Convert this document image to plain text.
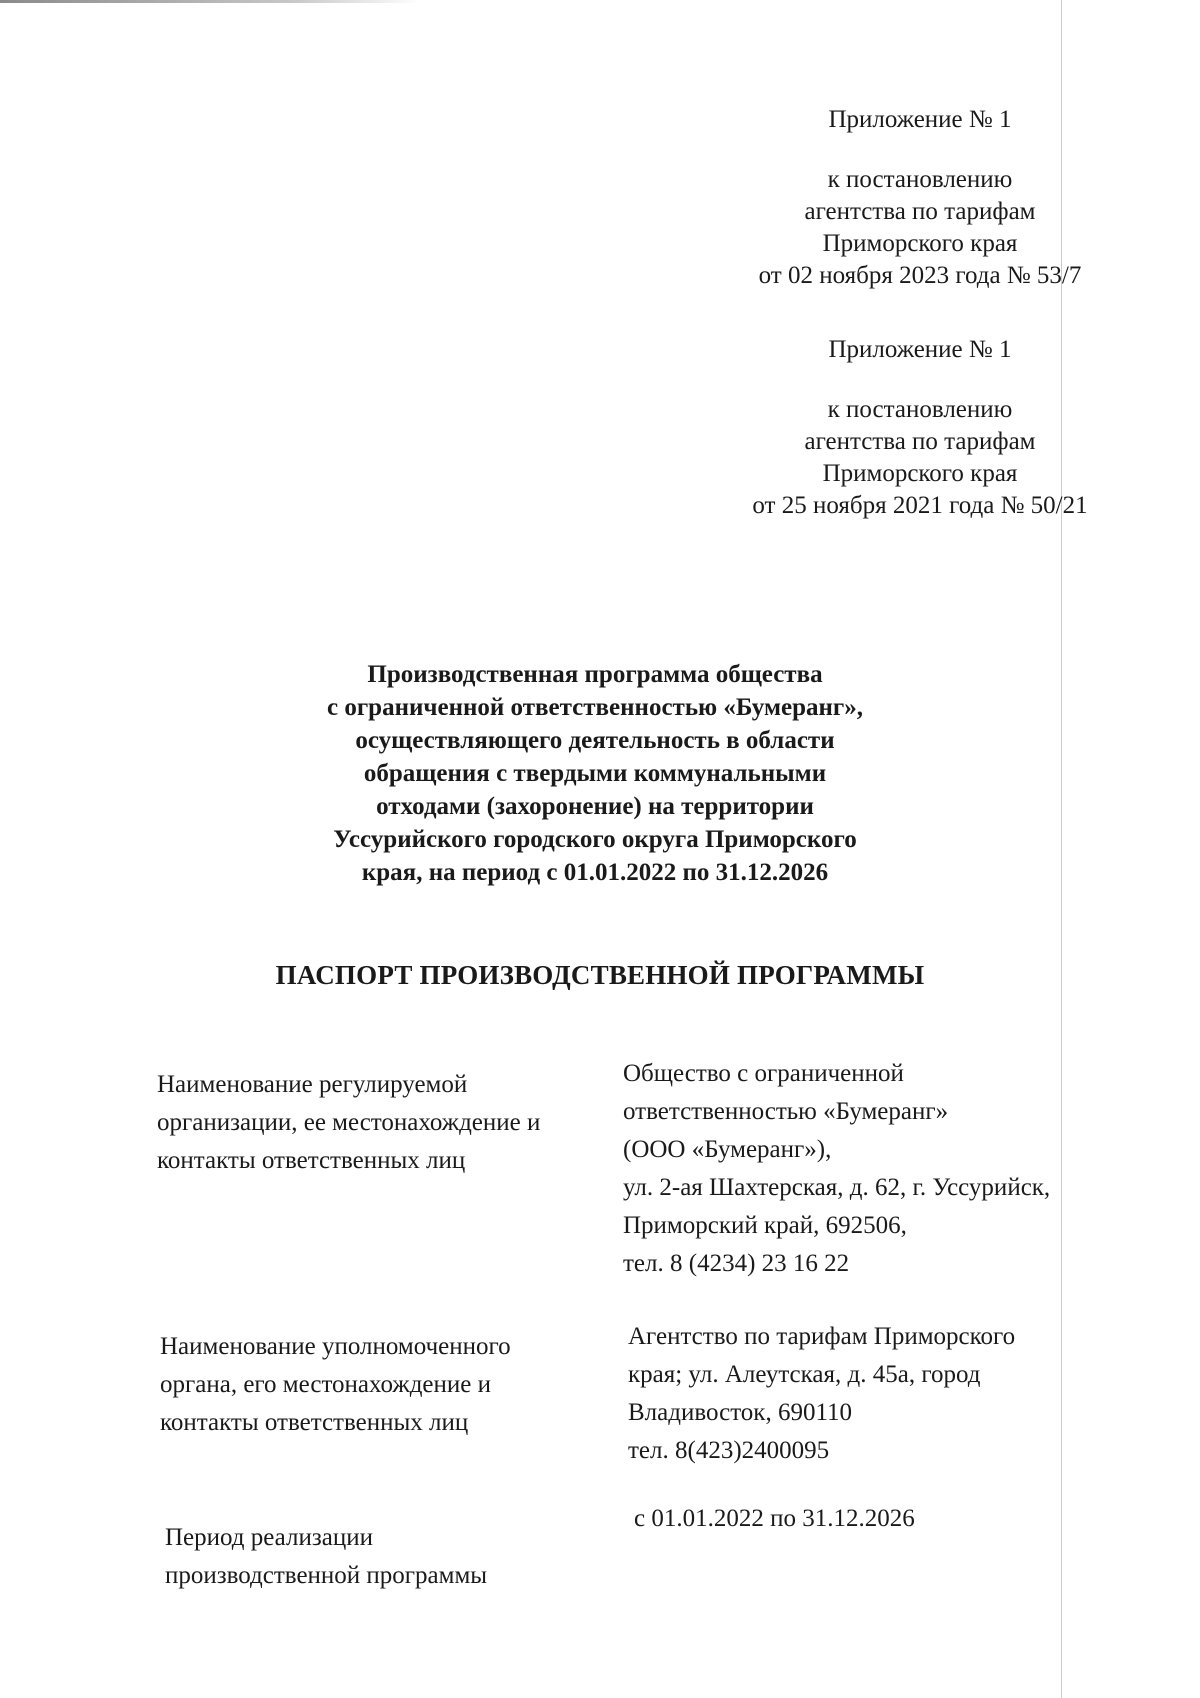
Приложение № 1
к постановлению
агентства по тарифам
Приморского края
от 02 ноября 2023 года № 53/7
Приложение № 1
к постановлению
агентства по тарифам
Приморского края
от 25 ноября 2021 года № 50/21
Производственная программа общества
с ограниченной ответственностью «Бумеранг»,
осуществляющего деятельность в области
обращения с твердыми коммунальными
отходами (захоронение) на территории
Уссурийского городского округа Приморского
края, на период с 01.01.2022 по 31.12.2026
ПАСПОРТ ПРОИЗВОДСТВЕННОЙ ПРОГРАММЫ
Наименование регулируемой
организации, ее местонахождение и
контакты ответственных лиц
Общество с ограниченной
ответственностью «Бумеранг»
(ООО «Бумеранг»),
ул. 2-ая Шахтерская, д. 62, г. Уссурийск,
Приморский край, 692506,
тел. 8 (4234) 23 16 22
Наименование уполномоченного
органа, его местонахождение и
контакты ответственных лиц
Агентство по тарифам Приморского
края; ул. Алеутская, д. 45а, город
Владивосток, 690110
тел. 8(423)2400095
Период реализации
производственной программы
с 01.01.2022 по 31.12.2026
